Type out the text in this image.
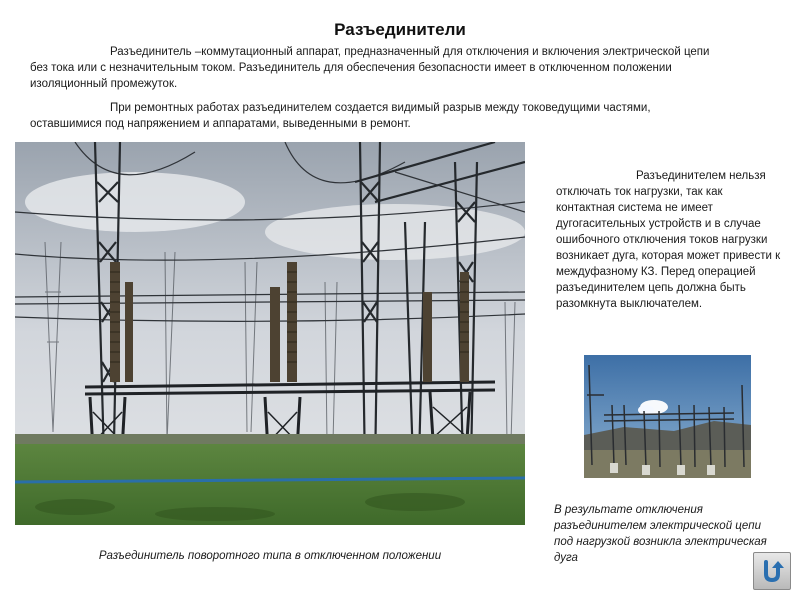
Разъединители
Разъединитель –коммутационный аппарат, предназначенный для отключения и включения электрической цепи без тока или с незначительным током. Разъединитель для обеспечения безопасности имеет в отключенном положении изоляционный промежуток.
При ремонтных работах разъединителем создается видимый разрыв между токоведущими частями, оставшимися под напряжением и аппаратами, выведенными в ремонт.
Разъединителем нельзя отключать ток нагрузки, так как контактная система не имеет дугогасительных устройств и в случае ошибочного отключения токов нагрузки возникает дуга, которая может привести к междуфазному КЗ. Перед операцией разъединителем цепь должна быть разомкнута выключателем.
Разъединитель поворотного типа в отключенном положении
В результате отключения разъединителем электрической цепи под нагрузкой возникла электрическая дуга
